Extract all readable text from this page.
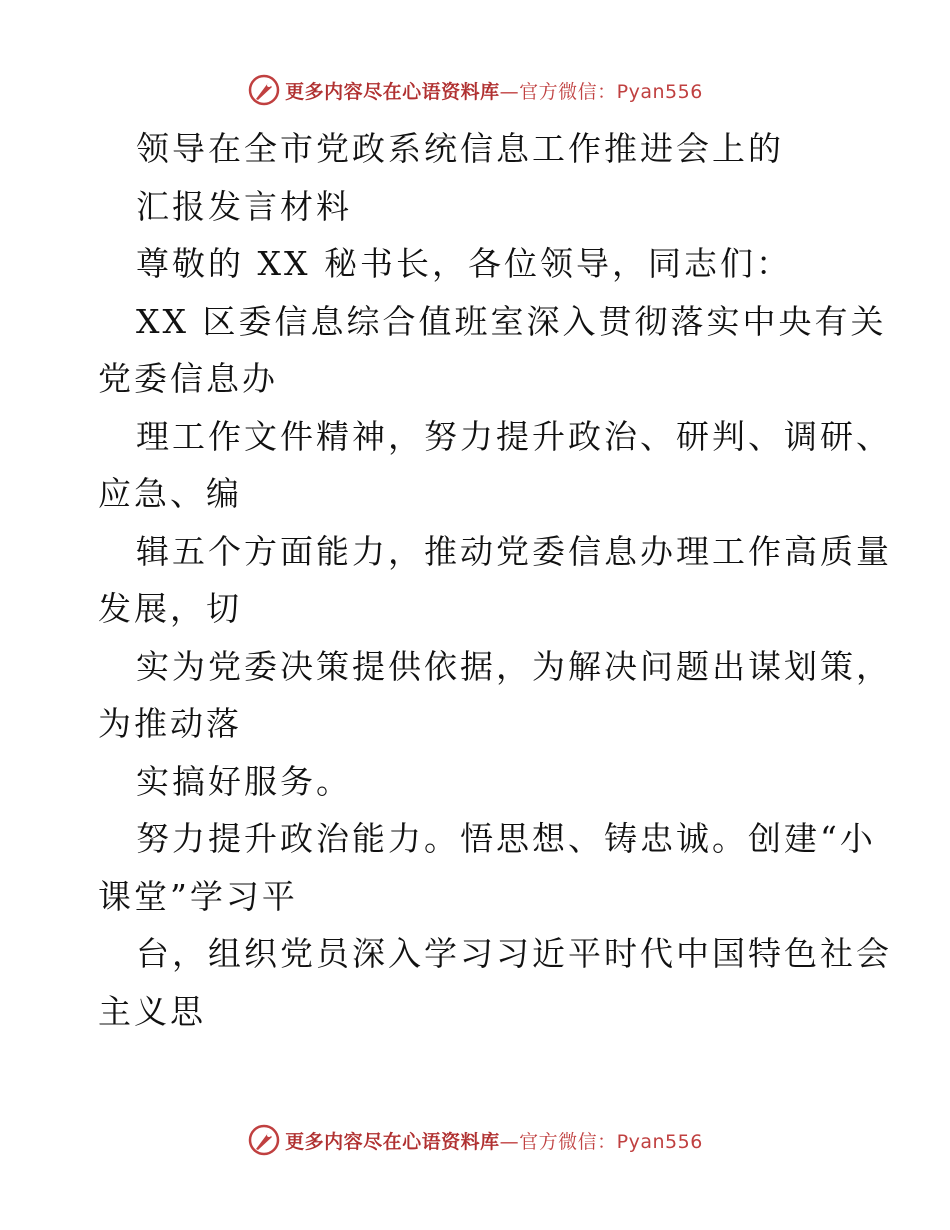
更多内容尽在心语资料库—官方微信：Pyan556
领导在全市党政系统信息工作推进会上的
汇报发言材料
尊敬的 XX 秘书长，各位领导，同志们：
XX 区委信息综合值班室深入贯彻落实中央有关
党委信息办
理工作文件精神，努力提升政治、研判、调研、
应急、编
辑五个方面能力，推动党委信息办理工作高质量
发展，切
实为党委决策提供依据，为解决问题出谋划策，
为推动落
实搞好服务。
努力提升政治能力。悟思想、铸忠诚。创建“小
课堂”学习平
台，组织党员深入学习习近平时代中国特色社会
主义思
更多内容尽在心语资料库—官方微信：Pyan556
